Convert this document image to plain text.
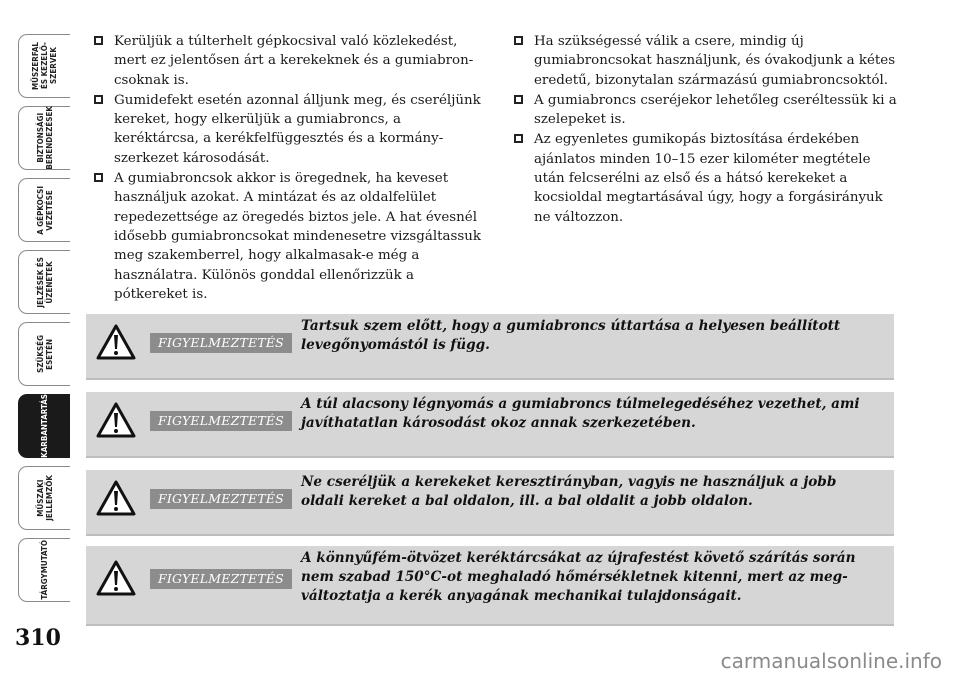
MŰSZERFAL
ÉS KEZELŐ-
SZERVEK
BIZTONSÁGI
BERENDEZÉSEK
A GÉPKOCSI
VEZETÉSE
JELZÉSEK ÉS
ÜZENETEK
SZÜKSÉG
ESETÉN
KARBANTARTÁS
MŰSZAKI
JELLEMZŐK
TÁRGYMUTATÓ
310
Kerüljük a túlterhelt gépkocsival való közlekedést, mert ez jelentősen árt a kerekeknek és a gumiabroncsoknak is.
Gumidefekt esetén azonnal álljunk meg, és cseréljünk kereket, hogy elkerüljük a gumiabroncs, a keréktárcsa, a kerékfelfüggesztés és a kormányszerkezet károsodását.
A gumiabroncsok akkor is öregednek, ha keveset használjuk azokat. A mintázat és az oldalfelület repedezettsége az öregedés biztos jele. A hat évesnél idősebb gumiabroncsokat mindenesetre vizsgáltassuk meg szakemberrel, hogy alkalmasak-e még a használatra. Különös gonddal ellenőrizzük a pótkereket is.
Ha szükségessé válik a csere, mindig új gumiabroncsokat használjunk, és óvakodjunk a kétes eredetű, bizonytalan származású gumiabroncsoktól.
A gumiabroncs cseréjekor lehetőleg cseréltessük ki a szelepeket is.
Az egyenletes gumikopás biztosítása érdekében ajánlatos minden 10–15 ezer kilométer megtétele után felcserélni az első és a hátsó kerekeket a kocsioldal megtartásával úgy, hogy a forgásirányuk ne változzon.
FIGYELMEZTETÉS
Tartsuk szem előtt, hogy a gumiabroncs úttartása a helyesen beállított levegőnyomástól is függ.
FIGYELMEZTETÉS
A túl alacsony légnyomás a gumiabroncs túlmelegedéséhez vezethet, ami javíthatatlan károsodást okoz annak szerkezetében.
FIGYELMEZTETÉS
Ne cseréljük a kerekeket keresztirányban, vagyis ne használjuk a jobb oldali kereket a bal oldalon, ill. a bal oldalit a jobb oldalon.
FIGYELMEZTETÉS
A könnyűfém-ötvözet keréktárcsákat az újrafestést követő szárítás során nem szabad 150°C-ot meghaladó hőmérsékletnek kitenni, mert az megváltoztatja a kerék anyagának mechanikai tulajdonságait.
carmanualsonline.info
